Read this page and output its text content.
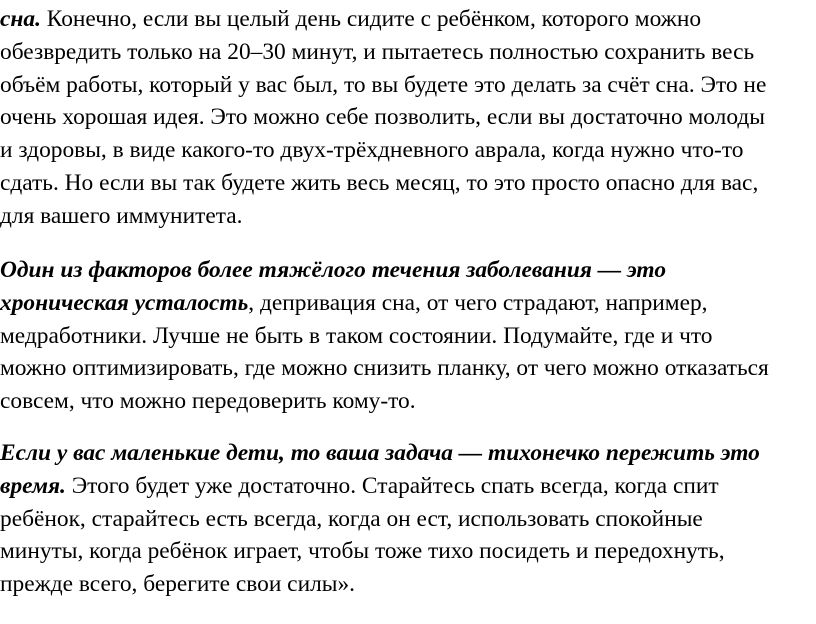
сна. Конечно, если вы целый день сидите с ребёнком, которого можно
обезвредить только на 20–30 минут, и пытаетесь полностью сохранить весь
объём работы, который у вас был, то вы будете это делать за счёт сна. Это не
очень хорошая идея. Это можно себе позволить, если вы достаточно молоды
и здоровы, в виде какого-то двух-трёхдневного аврала, когда нужно что-то
сдать. Но если вы так будете жить весь месяц, то это просто опасно для вас,
для вашего иммунитета.
Один из факторов более тяжёлого течения заболевания — это
хроническая усталость, депривация сна, от чего страдают, например,
медработники. Лучше не быть в таком состоянии. Подумайте, где и что
можно оптимизировать, где можно снизить планку, от чего можно отказаться
совсем, что можно передоверить кому-то.
Если у вас маленькие дети, то ваша задача — тихонечко пережить это
время. Этого будет уже достаточно. Старайтесь спать всегда, когда спит
ребёнок, старайтесь есть всегда, когда он ест, использовать спокойные
минуты, когда ребёнок играет, чтобы тоже тихо посидеть и передохнуть,
прежде всего, берегите свои силы».
